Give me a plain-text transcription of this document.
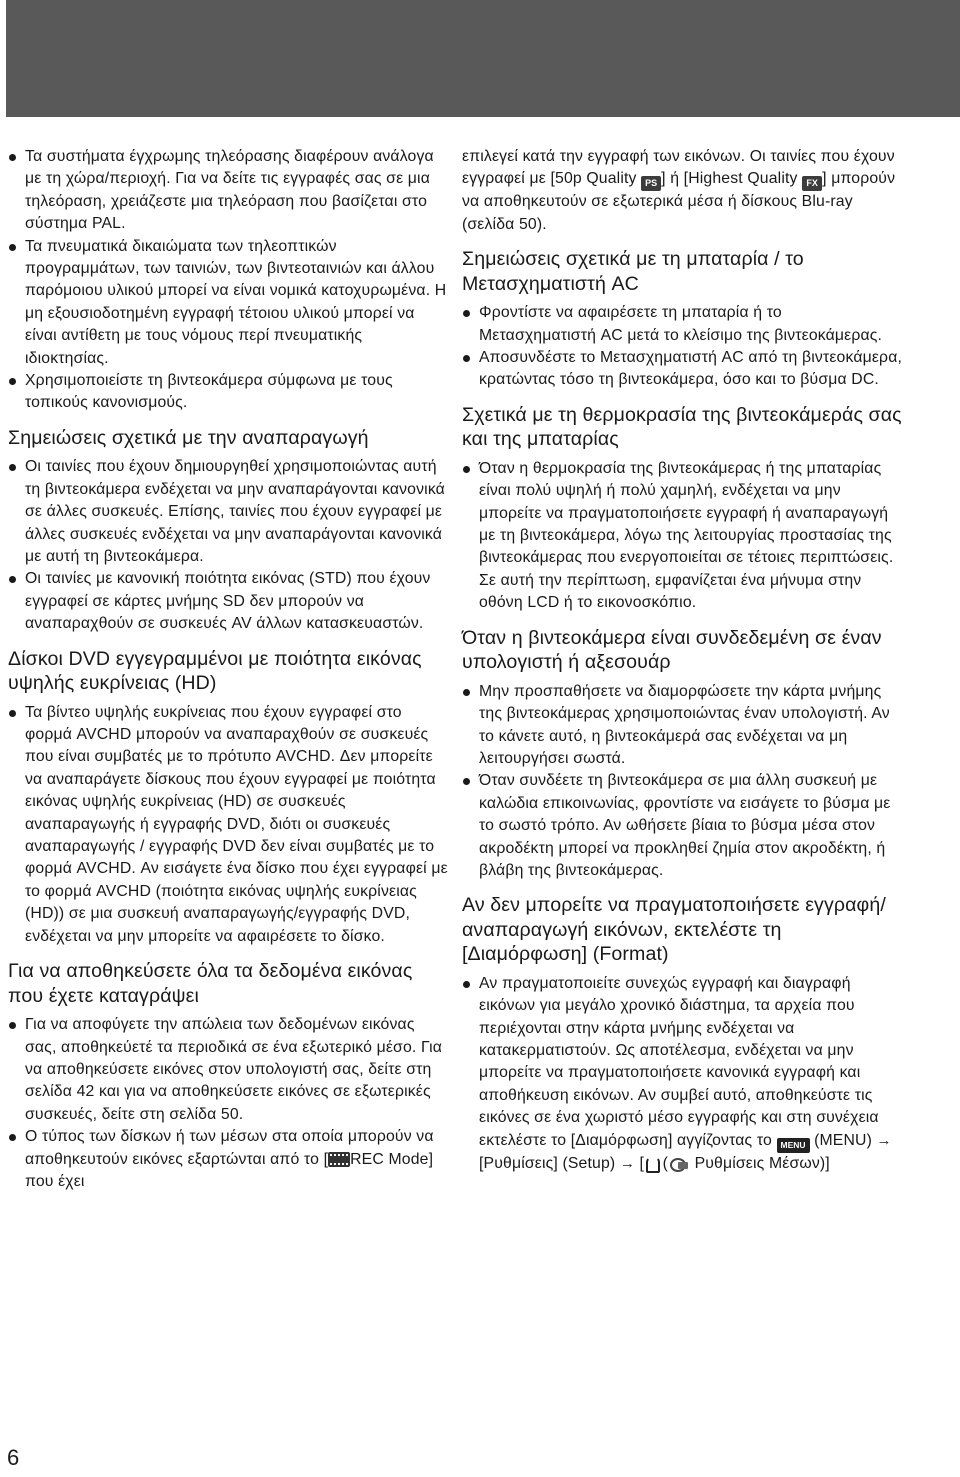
Τα συστήματα έγχρωμης τηλεόρασης διαφέρουν ανάλογα με τη χώρα/περιοχή. Για να δείτε τις εγγραφές σας σε μια τηλεόραση, χρειάζεστε μια τηλεόραση που βασίζεται στο σύστημα PAL.
Τα πνευματικά δικαιώματα των τηλεοπτικών προγραμμάτων, των ταινιών, των βιντεοταινιών και άλλου παρόμοιου υλικού μπορεί να είναι νομικά κατοχυρωμένα. Η μη εξουσιοδοτημένη εγγραφή τέτοιου υλικού μπορεί να είναι αντίθετη με τους νόμους περί πνευματικής ιδιοκτησίας.
Χρησιμοποιείστε τη βιντεοκάμερα σύμφωνα με τους τοπικούς κανονισμούς.
Σημειώσεις σχετικά με την αναπαραγωγή
Οι ταινίες που έχουν δημιουργηθεί χρησιμοποιώντας αυτή τη βιντεοκάμερα ενδέχεται να μην αναπαράγονται κανονικά σε άλλες συσκευές. Επίσης, ταινίες που έχουν εγγραφεί με άλλες συσκευές ενδέχεται να μην αναπαράγονται κανονικά με αυτή τη βιντεοκάμερα.
Οι ταινίες με κανονική ποιότητα εικόνας (STD) που έχουν εγγραφεί σε κάρτες μνήμης SD δεν μπορούν να αναπαραχθούν σε συσκευές AV άλλων κατασκευαστών.
Δίσκοι DVD εγγεγραμμένοι με ποιότητα εικόνας υψηλής ευκρίνειας (HD)
Τα βίντεο υψηλής ευκρίνειας που έχουν εγγραφεί στο φορμά AVCHD μπορούν να αναπαραχθούν σε συσκευές που είναι συμβατές με το πρότυπο AVCHD. Δεν μπορείτε να αναπαράγετε δίσκους που έχουν εγγραφεί με ποιότητα εικόνας υψηλής ευκρίνειας (HD) σε συσκευές αναπαραγωγής ή εγγραφής DVD, διότι οι συσκευές αναπαραγωγής / εγγραφής DVD δεν είναι συμβατές με το φορμά AVCHD. Αν εισάγετε ένα δίσκο που έχει εγγραφεί με το φορμά AVCHD (ποιότητα εικόνας υψηλής ευκρίνειας (HD)) σε μια συσκευή αναπαραγωγής/εγγραφής DVD, ενδέχεται να μην μπορείτε να αφαιρέσετε το δίσκο.
Για να αποθηκεύσετε όλα τα δεδομένα εικόνας που έχετε καταγράψει
Για να αποφύγετε την απώλεια των δεδομένων εικόνας σας, αποθηκεύετέ τα περιοδικά σε ένα εξωτερικό μέσο. Για να αποθηκεύσετε εικόνες στον υπολογιστή σας, δείτε στη σελίδα 42 και για να αποθηκεύσετε εικόνες σε εξωτερικές συσκευές, δείτε στη σελίδα 50.
Ο τύπος των δίσκων ή των μέσων στα οποία μπορούν να αποθηκευτούν εικόνες εξαρτώνται από το [ REC Mode] που έχει

επιλεγεί κατά την εγγραφή των εικόνων. Οι ταινίες που έχουν εγγραφεί με [50p Quality PS ] ή [Highest Quality FX ] μπορούν να αποθηκευτούν σε εξωτερικά μέσα ή δίσκους Blu-ray (σελίδα 50).

Σημειώσεις σχετικά με τη μπαταρία / το Μετασχηματιστή AC
Φροντίστε να αφαιρέσετε τη μπαταρία ή το Μετασχηματιστή AC μετά το κλείσιμο της βιντεοκάμερας.
Αποσυνδέστε το Μετασχηματιστή AC από τη βιντεοκάμερα, κρατώντας τόσο τη βιντεοκάμερα, όσο και το βύσμα DC.
Σχετικά με τη θερμοκρασία της βιντεοκάμεράς σας και της μπαταρίας
Όταν η θερμοκρασία της βιντεοκάμερας ή της μπαταρίας είναι πολύ υψηλή ή πολύ χαμηλή, ενδέχεται να μην μπορείτε να πραγματοποιήσετε εγγραφή ή αναπαραγωγή με τη βιντεοκάμερα, λόγω της λειτουργίας προστασίας της βιντεοκάμερας που ενεργοποιείται σε τέτοιες περιπτώσεις. Σε αυτή την περίπτωση, εμφανίζεται ένα μήνυμα στην οθόνη LCD ή το εικονοσκόπιο.
Όταν η βιντεοκάμερα είναι συνδεδεμένη σε έναν υπολογιστή ή αξεσουάρ
Μην προσπαθήσετε να διαμορφώσετε την κάρτα μνήμης της βιντεοκάμερας χρησιμοποιώντας έναν υπολογιστή. Αν το κάνετε αυτό, η βιντεοκάμερά σας ενδέχεται να μη λειτουργήσει σωστά.
Όταν συνδέετε τη βιντεοκάμερα σε μια άλλη συσκευή με καλώδια επικοινωνίας, φροντίστε να εισάγετε το βύσμα με το σωστό τρόπο. Αν ωθήσετε βίαια το βύσμα μέσα στον ακροδέκτη μπορεί να προκληθεί ζημία στον ακροδέκτη, ή βλάβη της βιντεοκάμερας.
Αν δεν μπορείτε να πραγματοποιήσετε εγγραφή/αναπαραγωγή εικόνων, εκτελέστε τη [Διαμόρφωση] (Format)
Αν πραγματοποιείτε συνεχώς εγγραφή και διαγραφή εικόνων για μεγάλο χρονικό διάστημα, τα αρχεία που περιέχονται στην κάρτα μνήμης ενδέχεται να κατακερματιστούν. Ως αποτέλεσμα, ενδέχεται να μην μπορείτε να πραγματοποιήσετε κανονικά εγγραφή και αποθήκευση εικόνων. Αν συμβεί αυτό, αποθηκεύστε τις εικόνες σε ένα χωριστό μέσο εγγραφής και στη συνέχεια εκτελέστε το [Διαμόρφωση] αγγίζοντας το MENU (MENU) → [Ρυθμίσεις] (Setup) → [ ( Ρυθμίσεις Μέσων)]
6
